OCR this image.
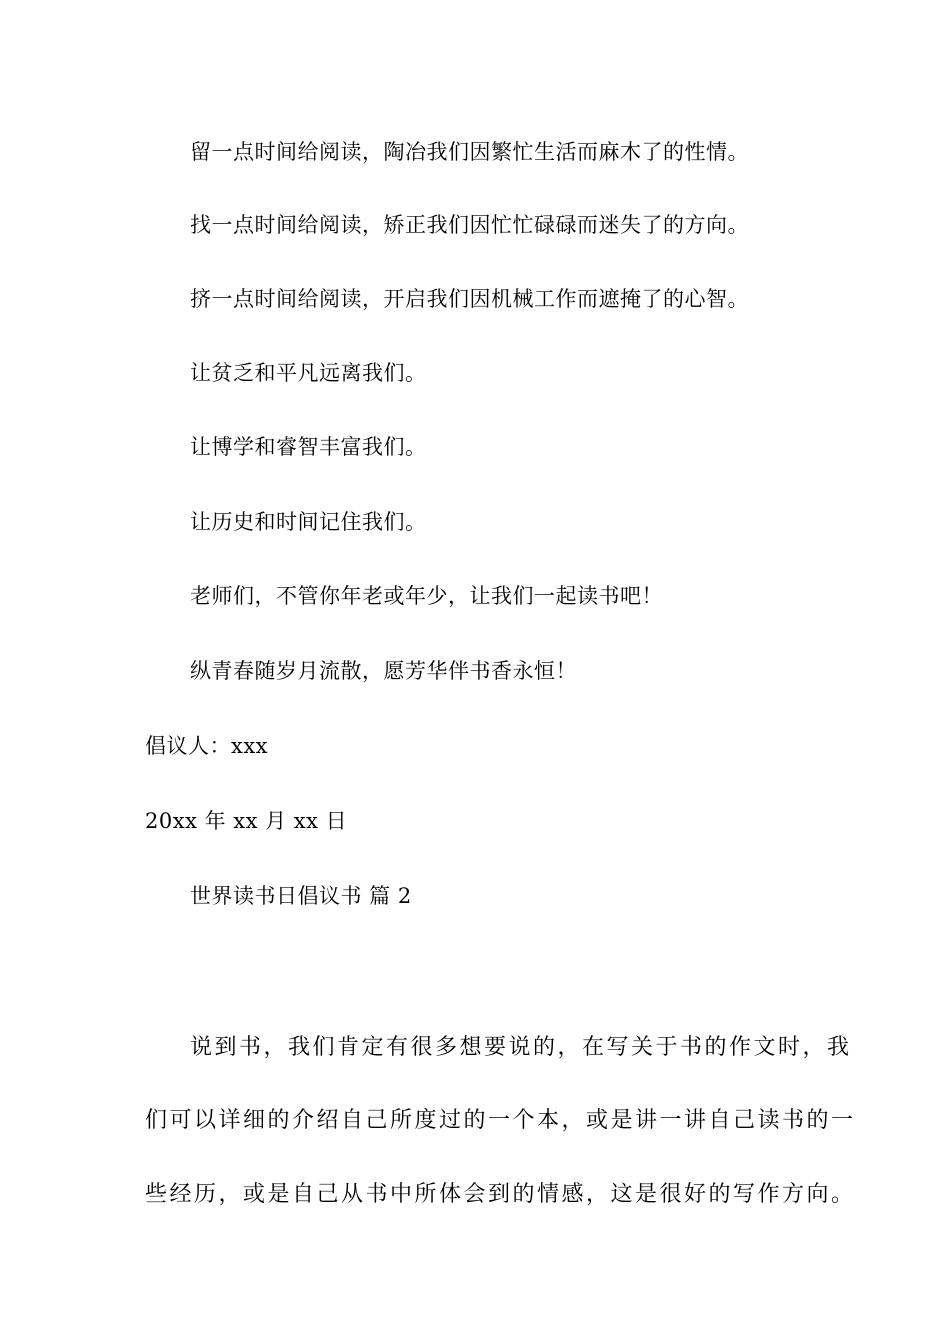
留一点时间给阅读，陶冶我们因繁忙生活而麻木了的性情。

找一点时间给阅读，矫正我们因忙忙碌碌而迷失了的方向。

挤一点时间给阅读，开启我们因机械工作而遮掩了的心智。

让贫乏和平凡远离我们。

让博学和睿智丰富我们。

让历史和时间记住我们。

老师们，不管你年老或年少，让我们一起读书吧！

纵青春随岁月流散，愿芳华伴书香永恒！

倡议人：xxx

20xx 年 xx 月 xx 日

世界读书日倡议书 篇 2

说到书，我们肯定有很多想要说的，在写关于书的作文时，我

们可以详细的介绍自己所度过的一个本，或是讲一讲自己读书的一

些经历，或是自己从书中所体会到的情感，这是很好的写作方向。
